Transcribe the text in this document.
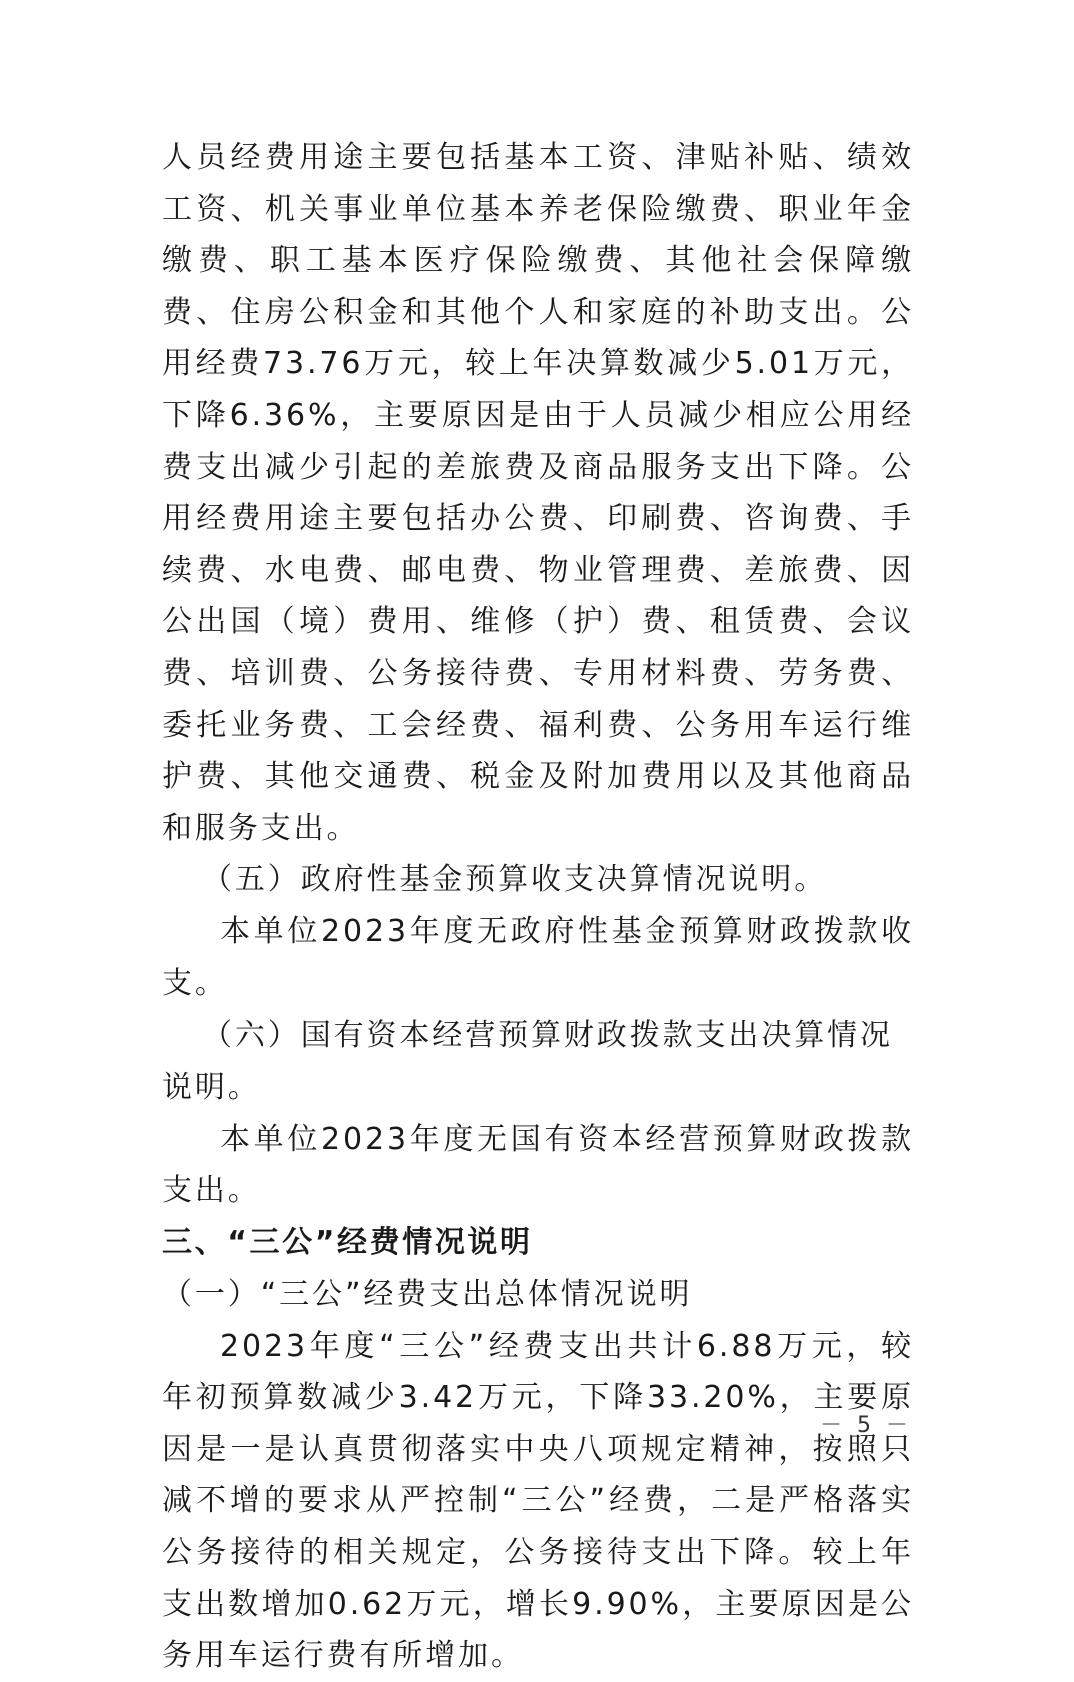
人员经费用途主要包括基本工资、津贴补贴、绩效工资、机关事业单位基本养老保险缴费、职业年金缴费、职工基本医疗保险缴费、其他社会保障缴费、住房公积金和其他个人和家庭的补助支出。公用经费73.76万元，较上年决算数减少5.01万元，下降6.36%，主要原因是由于人员减少相应公用经费支出减少引起的差旅费及商品服务支出下降。公用经费用途主要包括办公费、印刷费、咨询费、手续费、水电费、邮电费、物业管理费、差旅费、因公出国（境）费用、维修（护）费、租赁费、会议费、培训费、公务接待费、专用材料费、劳务费、委托业务费、工会经费、福利费、公务用车运行维护费、其他交通费、税金及附加费用以及其他商品和服务支出。

（五）政府性基金预算收支决算情况说明。

本单位2023年度无政府性基金预算财政拨款收支。

（六）国有资本经营预算财政拨款支出决算情况说明。

本单位2023年度无国有资本经营预算财政拨款支出。

三、“三公”经费情况说明

（一）“三公”经费支出总体情况说明

2023年度“三公”经费支出共计6.88万元，较年初预算数减少3.42万元，下降33.20%，主要原因是一是认真贯彻落实中央八项规定精神，按照只减不增的要求从严控制“三公”经费，二是严格落实公务接待的相关规定，公务接待支出下降。较上年支出数增加0.62万元，增长9.90%，主要原因是公务用车运行费有所增加。

－ 5 －
